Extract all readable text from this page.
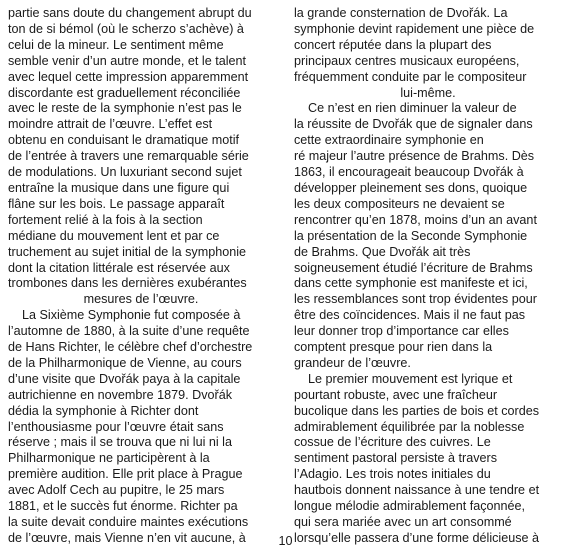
partie sans doute du changement abrupt du
ton de si bémol (où le scherzo s’achève) à
celui de la mineur. Le sentiment même
semble venir d’un autre monde, et le talent
avec lequel cette impression apparemment
discordante est graduellement réconciliée
avec le reste de la symphonie n’est pas le
moindre attrait de l’œuvre. L’effet est
obtenu en conduisant le dramatique motif
de l’entrée à travers une remarquable série
de modulations. Un luxuriant second sujet
entraîne la musique dans une figure qui
flâne sur les bois. Le passage apparaît
fortement relié à la fois à la section
médiane du mouvement lent et par ce
truchement au sujet initial de la symphonie
dont la citation littérale est réservée aux
trombones dans les dernières exubérantes
mesures de l’œuvre.
La Sixième Symphonie fut composée à
l’automne de 1880, à la suite d’une requête
de Hans Richter, le célèbre chef d’orchestre
de la Philharmonique de Vienne, au cours
d’une visite que Dvořák paya à la capitale
autrichienne en novembre 1879. Dvořák
dédia la symphonie à Richter dont
l’enthousiasme pour l’œuvre était sans
réserve ; mais il se trouva que ni lui ni la
Philharmonique ne participèrent à la
première audition. Elle prit place à Prague
avec Adolf Cech au pupitre, le 25 mars
1881, et le succès fut énorme. Richter pa
la suite devait conduire maintes exécutions
de l’œuvre, mais Vienne n’en vit aucune, à
la grande consternation de Dvořák. La
symphonie devint rapidement une pièce de
concert réputée dans la plupart des
principaux centres musicaux européens,
fréquemment conduite par le compositeur
lui-même.
Ce n’est en rien diminuer la valeur de
la réussite de Dvořák que de signaler dans
cette extraordinaire symphonie en
ré majeur l’autre présence de Brahms. Dès
1863, il encourageait beaucoup Dvořák à
développer pleinement ses dons, quoique
les deux compositeurs ne devaient se
rencontrer qu’en 1878, moins d’un an avant
la présentation de la Seconde Symphonie
de Brahms. Que Dvořák ait très
soigneusement étudié l’écriture de Brahms
dans cette symphonie est manifeste et ici,
les ressemblances sont trop évidentes pour
être des coïncidences. Mais il ne faut pas
leur donner trop d’importance car elles
comptent presque pour rien dans la
grandeur de l’œuvre.
Le premier mouvement est lyrique et
pourtant robuste, avec une fraîcheur
bucolique dans les parties de bois et cordes
admirablement équilibrée par la noblesse
cossue de l’écriture des cuivres. Le
sentiment pastoral persiste à travers
l’Adagio. Les trois notes initiales du
hautbois donnent naissance à une tendre et
longue mélodie admirablement façonnée,
qui sera mariée avec un art consommé
lorsqu’elle passera d’une forme délicieuse à
10
